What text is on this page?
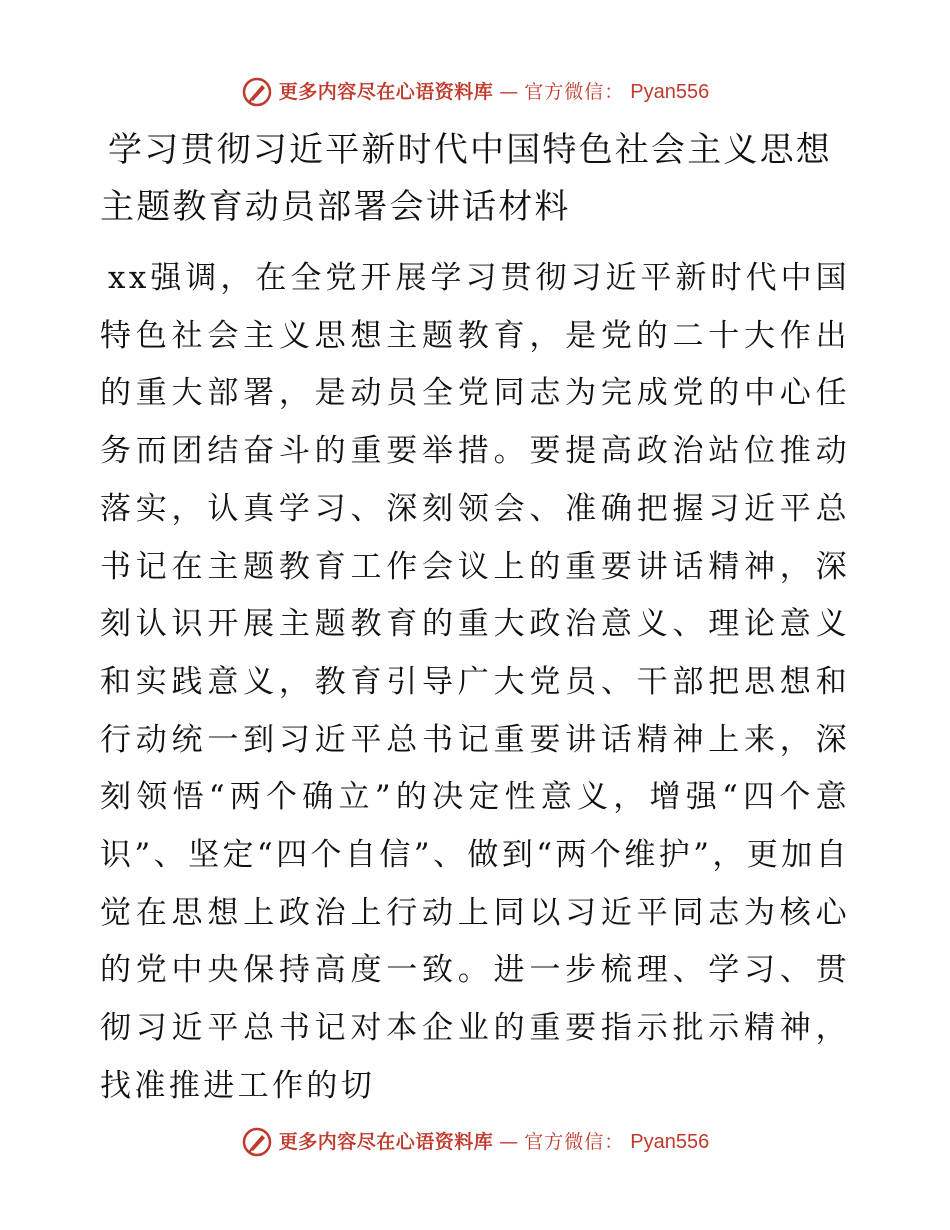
更多内容尽在心语资料库 — 官方微信： Pyan556
学习贯彻习近平新时代中国特色社会主义思想主题教育动员部署会讲话材料

xx强调，在全党开展学习贯彻习近平新时代中国特色社会主义思想主题教育，是党的二十大作出的重大部署，是动员全党同志为完成党的中心任务而团结奋斗的重要举措。要提高政治站位推动落实，认真学习、深刻领会、准确把握习近平总书记在主题教育工作会议上的重要讲话精神，深刻认识开展主题教育的重大政治意义、理论意义和实践意义，教育引导广大党员、干部把思想和行动统一到习近平总书记重要讲话精神上来，深刻领悟“两个确立”的决定性意义，增强“四个意识”、坚定“四个自信”、做到“两个维护”，更加自觉在思想上政治上行动上同以习近平同志为核心的党中央保持高度一致。进一步梳理、学习、贯彻习近平总书记对本企业的重要指示批示精神，找准推进工作的切

更多内容尽在心语资料库 — 官方微信： Pyan556
